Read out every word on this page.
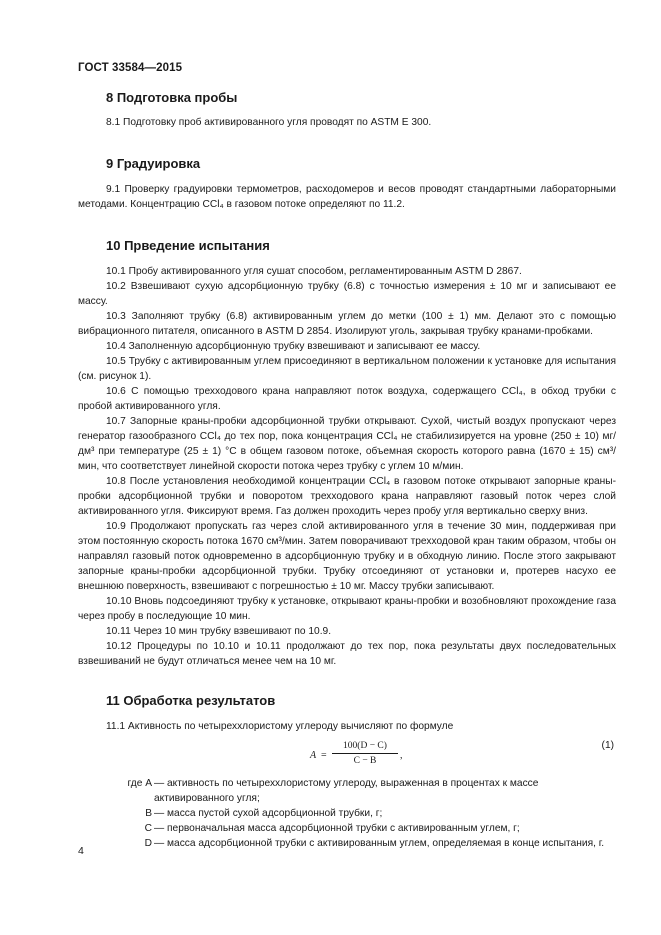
ГОСТ 33584—2015
8 Подготовка пробы

8.1 Подготовку проб активированного угля проводят по ASTM E 300.

9 Градуировка

9.1 Проверку градуировки термометров, расходомеров и весов проводят стандартными лабораторными методами. Концентрацию CCl₄ в газовом потоке определяют по 11.2.

10 Прведение испытания

10.1 Пробу активированного угля сушат способом, регламентированным ASTM D 2867.

10.2 Взвешивают сухую адсорбционную трубку (6.8) с точностью измерения ± 10 мг и записывают ее массу.

10.3 Заполняют трубку (6.8) активированным углем до метки (100 ± 1) мм. Делают это с помощью вибрационного питателя, описанного в ASTM D 2854. Изолируют уголь, закрывая трубку кранами-пробками.

10.4 Заполненную адсорбционную трубку взвешивают и записывают ее массу.

10.5 Трубку с активированным углем присоединяют в вертикальном положении к установке для испытания (см. рисунок 1).

10.6 С помощью трехходового крана направляют поток воздуха, содержащего CCl₄, в обход трубки с пробой активированного угля.

10.7 Запорные краны-пробки адсорбционной трубки открывают. Сухой, чистый воздух пропускают через генератор газообразного CCl₄ до тех пор, пока концентрация CCl₄ не стабилизируется на уровне (250 ± 10) мг/дм³ при температуре (25 ± 1) °C в общем газовом потоке, объемная скорость которого равна (1670 ± 15) см³/мин, что соответствует линейной скорости потока через трубку с углем 10 м/мин.

10.8 После установления необходимой концентрации CCl₄ в газовом потоке открывают запорные краны-пробки адсорбционной трубки и поворотом трехходового крана направляют газовый поток через слой активированного угля. Фиксируют время. Газ должен проходить через пробу угля вертикально сверху вниз.

10.9 Продолжают пропускать газ через слой активированного угля в течение 30 мин, поддерживая при этом постоянную скорость потока 1670 см³/мин. Затем поворачивают трехходовой кран таким образом, чтобы он направлял газовый поток одновременно в адсорбционную трубку и в обходную линию. После этого закрывают запорные краны-пробки адсорбционной трубки. Трубку отсоединяют от установки и, протерев насухо ее внешнюю поверхность, взвешивают с погрешностью ± 10 мг. Массу трубки записывают.

10.10 Вновь подсоединяют трубку к установке, открывают краны-пробки и возобновляют прохождение газа через пробу в последующие 10 мин.

10.11 Через 10 мин трубку взвешивают по 10.9.

10.12 Процедуры по 10.10 и 10.11 продолжают до тех пор, пока результаты двух последовательных взвешиваний не будут отличаться менее чем на 10 мг.

11 Обработка результатов

11.1 Активность по четыреххлористому углероду вычисляют по формуле

$A = \frac{100(D - C)}{C - B}$ ,
(1)
где A — активность по четыреххлористому углероду, выраженная в процентах к массе активированного угля;
B — масса пустой сухой адсорбционной трубки, г;
C — первоначальная масса адсорбционной трубки с активированным углем, г;
D — масса адсорбционной трубки с активированным углем, определяемая в конце испытания, г.
4
